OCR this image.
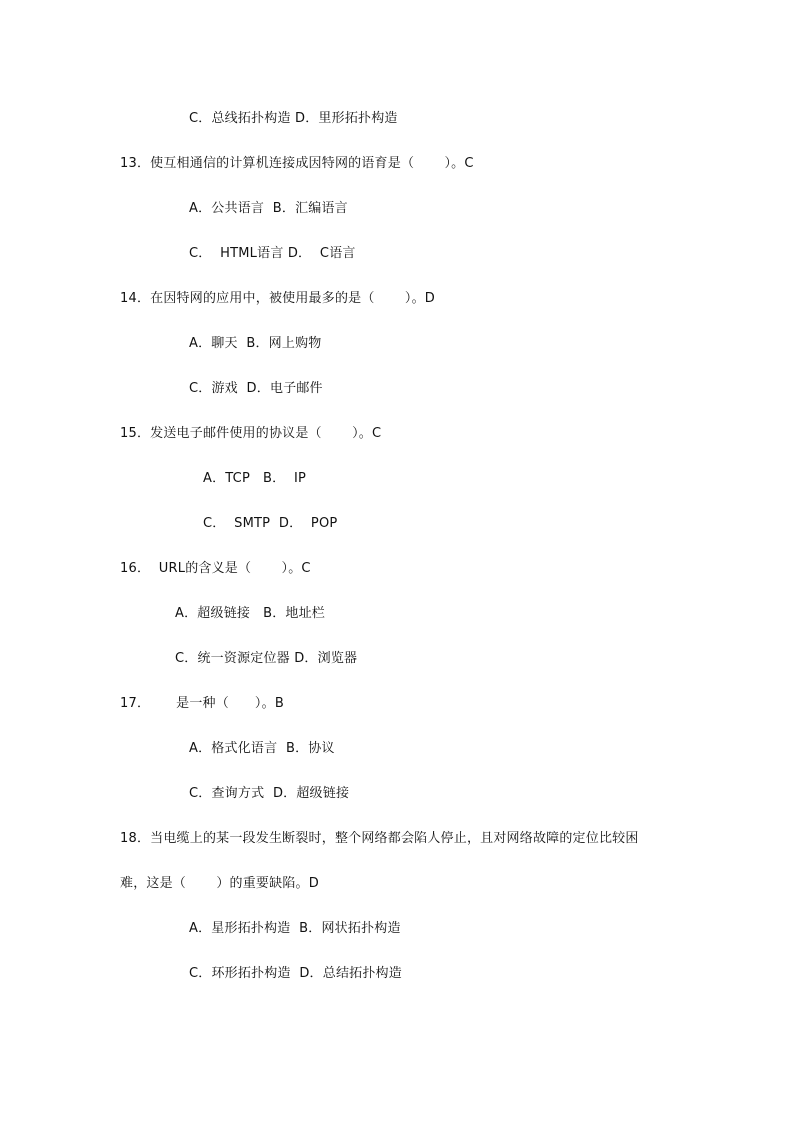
C．总线拓扑构造 D．里形拓扑构造
13．使互相通信的计算机连接成因特网的语育是（       ）。C
A．公共语言  B．汇编语言
C．  HTML语言 D．  C语言
14．在因特网的应用中，被使用最多的是（       ）。D
A．聊天  B．网上购物
C．游戏  D．电子邮件
15．发送电子邮件使用的协议是（       ）。C
A．TCP   B．  IP
C．  SMTP  D．  POP
16．  URL的含义是（       ）。C
A．超级链接   B．地址栏
C．统一资源定位器 D．浏览器
17．      是一种（      ）。B
A．格式化语言  B．协议
C．查询方式  D．超级链接
18．当电缆上的某一段发生断裂时，整个网络都会陷人停止，且对网络故障的定位比较困
难，这是（       ）的重要缺陷。D
A．星形拓扑构造  B．网状拓扑构造
C．环形拓扑构造  D．总结拓扑构造
